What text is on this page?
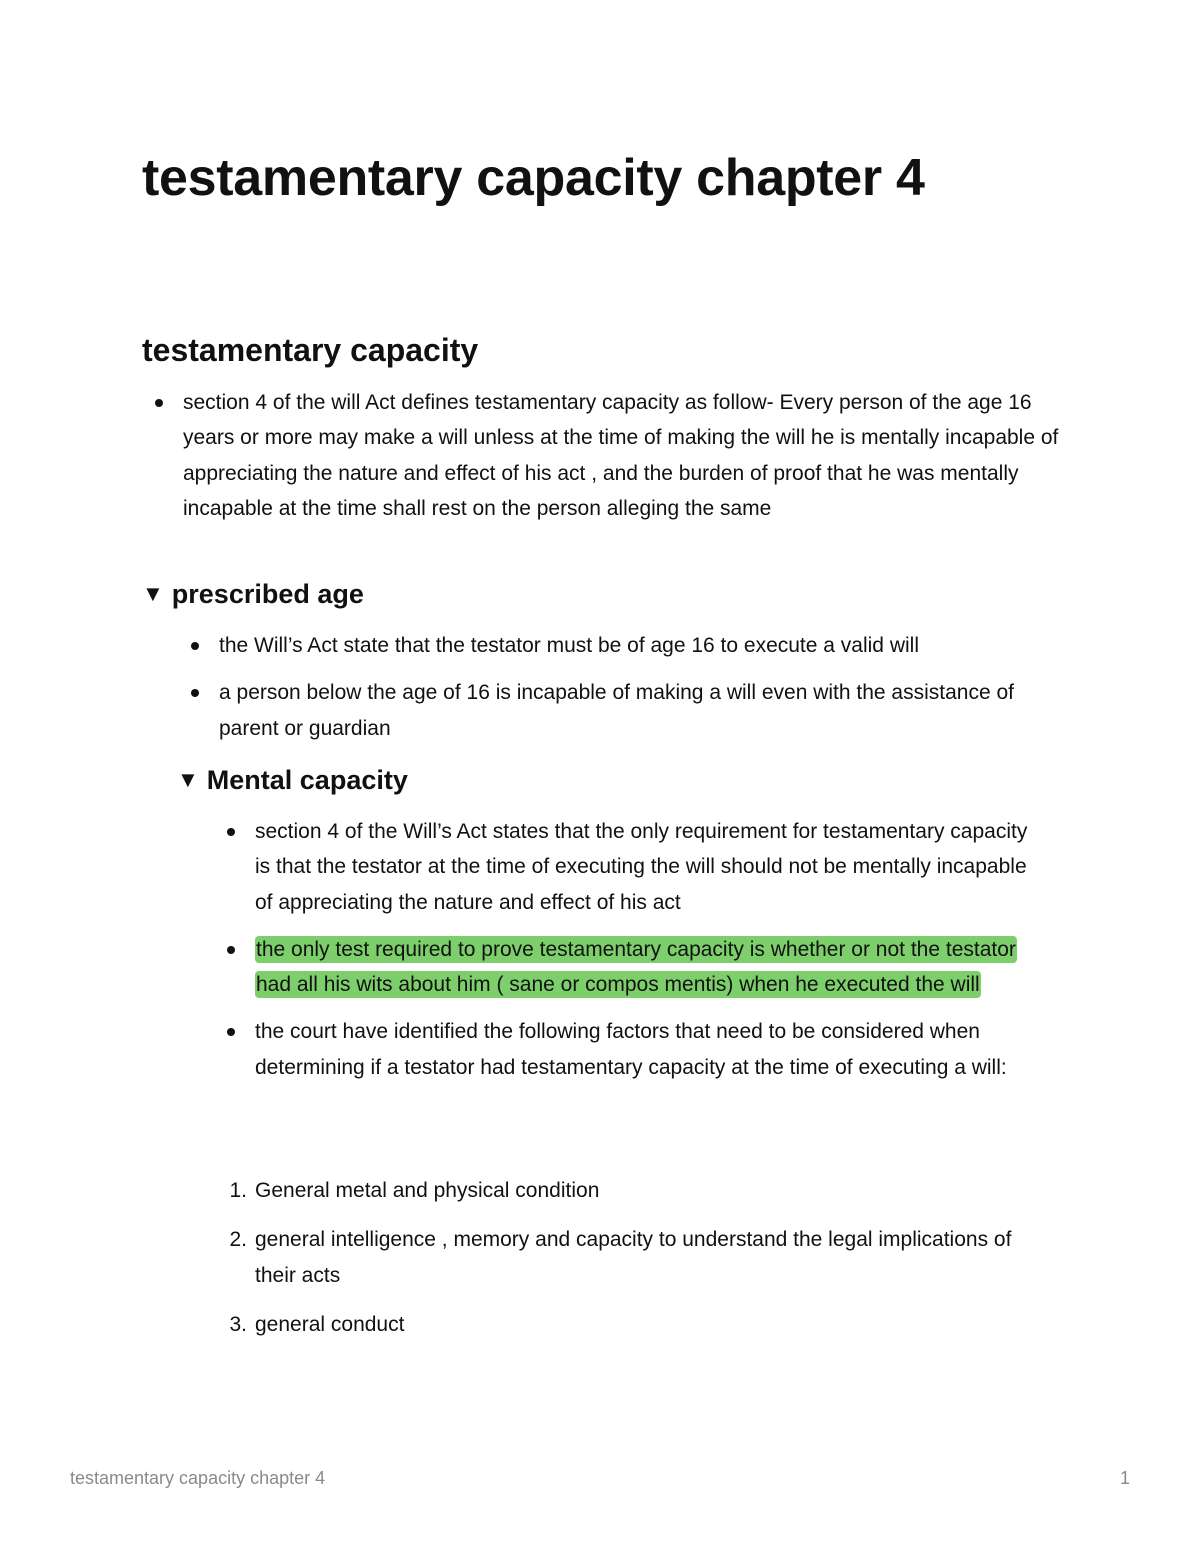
testamentary capacity chapter 4
testamentary capacity
section 4 of the will Act defines testamentary capacity as follow- Every person of the age 16 years or more may make a will unless at the time of making the will he is mentally incapable of appreciating the nature and effect of his act , and the burden of proof that he was mentally incapable at the time shall rest on the person alleging the same
▼ prescribed age
the Will’s Act state that the testator must be of age 16 to execute a valid will
a person below the age of 16 is incapable of making a will even with the assistance of parent or guardian
▼ Mental capacity
section 4 of the Will’s Act states that the only requirement for testamentary capacity is that the testator at the time of executing the will should not be mentally incapable of appreciating the nature and effect of his act
the only test required to prove testamentary capacity is whether or not the testator had all his wits about him ( sane or compos mentis) when he executed the will
the court have identified the following factors that need to be considered when determining if a testator had testamentary capacity at the time of executing a will:
1. General metal and physical condition
2. general intelligence , memory and capacity to understand the legal implications of their acts
3. general conduct
testamentary capacity chapter 4	1
